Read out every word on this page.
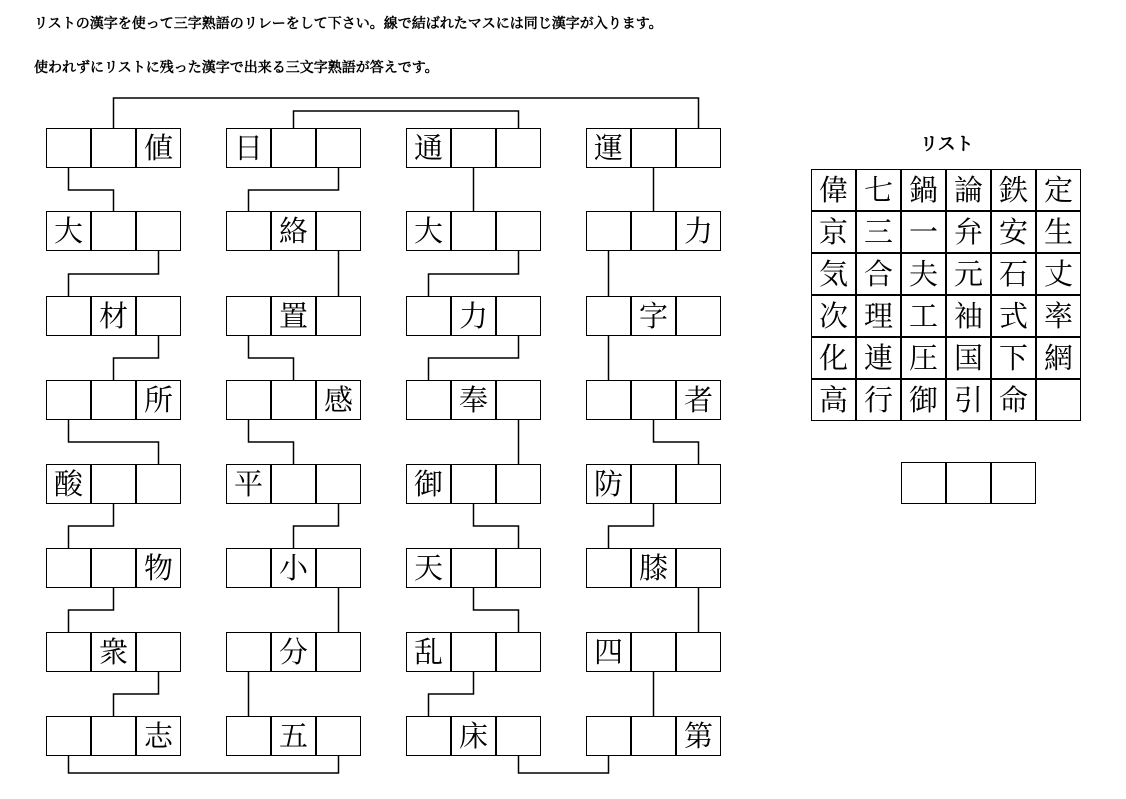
リストの漢字を使って三字熟語のリレーをして下さい。線で結ばれたマスには同じ漢字が入ります。
使われずにリストに残った漢字で出来る三文字熟語が答えです。
値
大
材
所
酸
物
衆
志
日
絡
置
感
平
小
分
五
通
大
力
奉
御
天
乱
床
運
力
字
者
防
膝
四
第
リスト
偉 七 鍋 論 鉄 定
京 三 一 弁 安 生
気 合 夫 元 石 丈
次 理 工 袖 式 率
化 連 圧 国 下 網
高 行 御 引 命
